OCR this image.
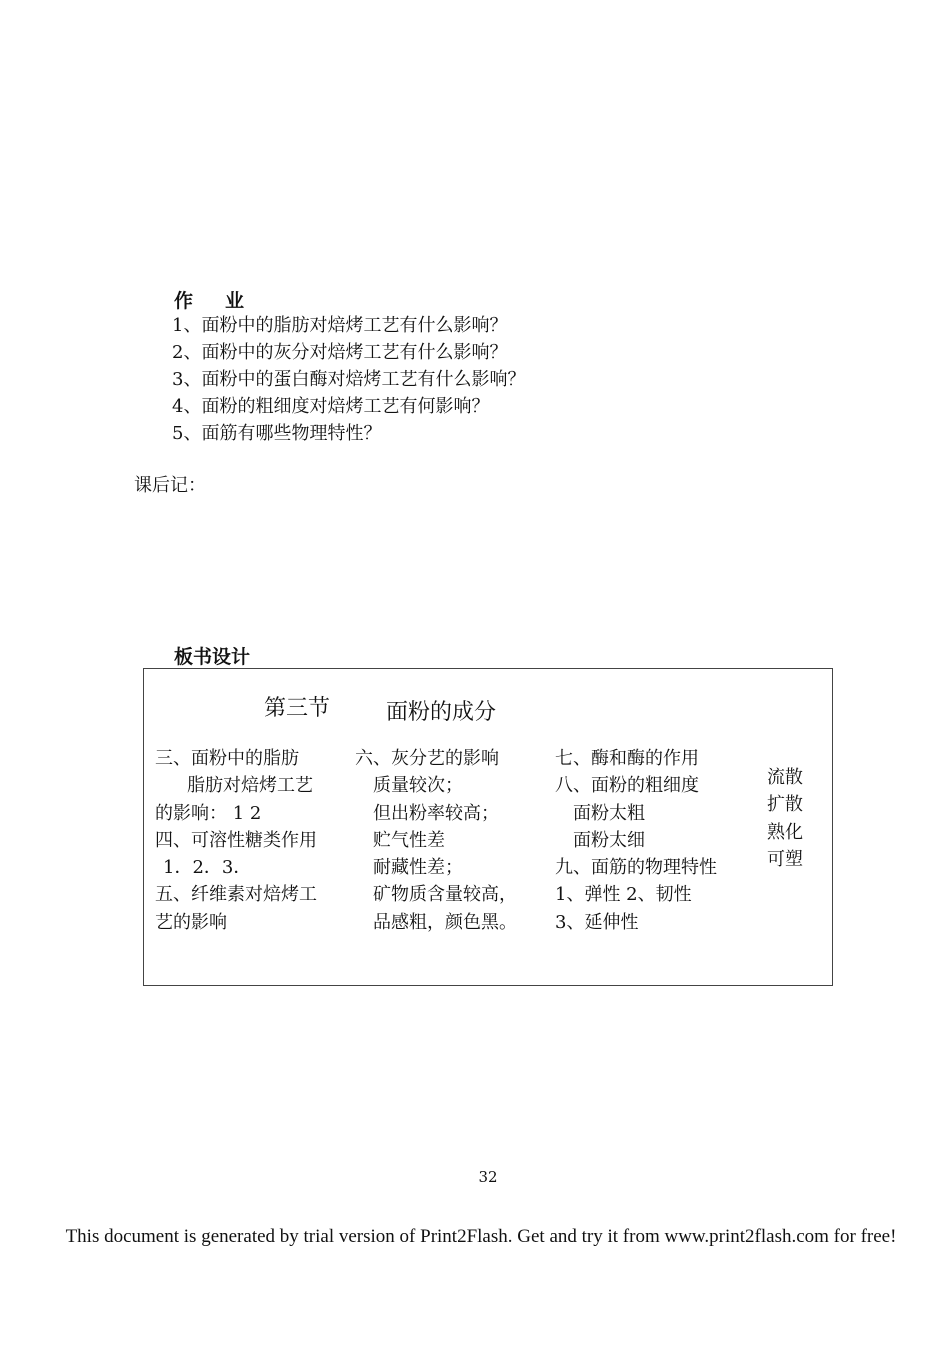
作 业
1、面粉中的脂肪对焙烤工艺有什么影响？
2、面粉中的灰分对焙烤工艺有什么影响？
3、面粉中的蛋白酶对焙烤工艺有什么影响？
4、面粉的粗细度对焙烤工艺有何影响？
5、面筋有哪些物理特性？
课后记：
板书设计
第三节	面粉的成分
三、面粉中的脂肪
脂肪对焙烤工艺
的影响： 1 2
四、可溶性糖类作用
1．2．3．
五、纤维素对焙烤工
艺的影响
六、灰分艺的影响
质量较次；
但出粉率较高；
贮气性差
耐藏性差；
矿物质含量较高，
品感粗，颜色黑。
七、酶和酶的作用
八、面粉的粗细度
面粉太粗
面粉太细
九、面筋的物理特性
1、弹性 2、韧性
3、延伸性
流散
扩散
熟化
可塑
32
This document is generated by trial version of Print2Flash. Get and try it from www.print2flash.com for free!
